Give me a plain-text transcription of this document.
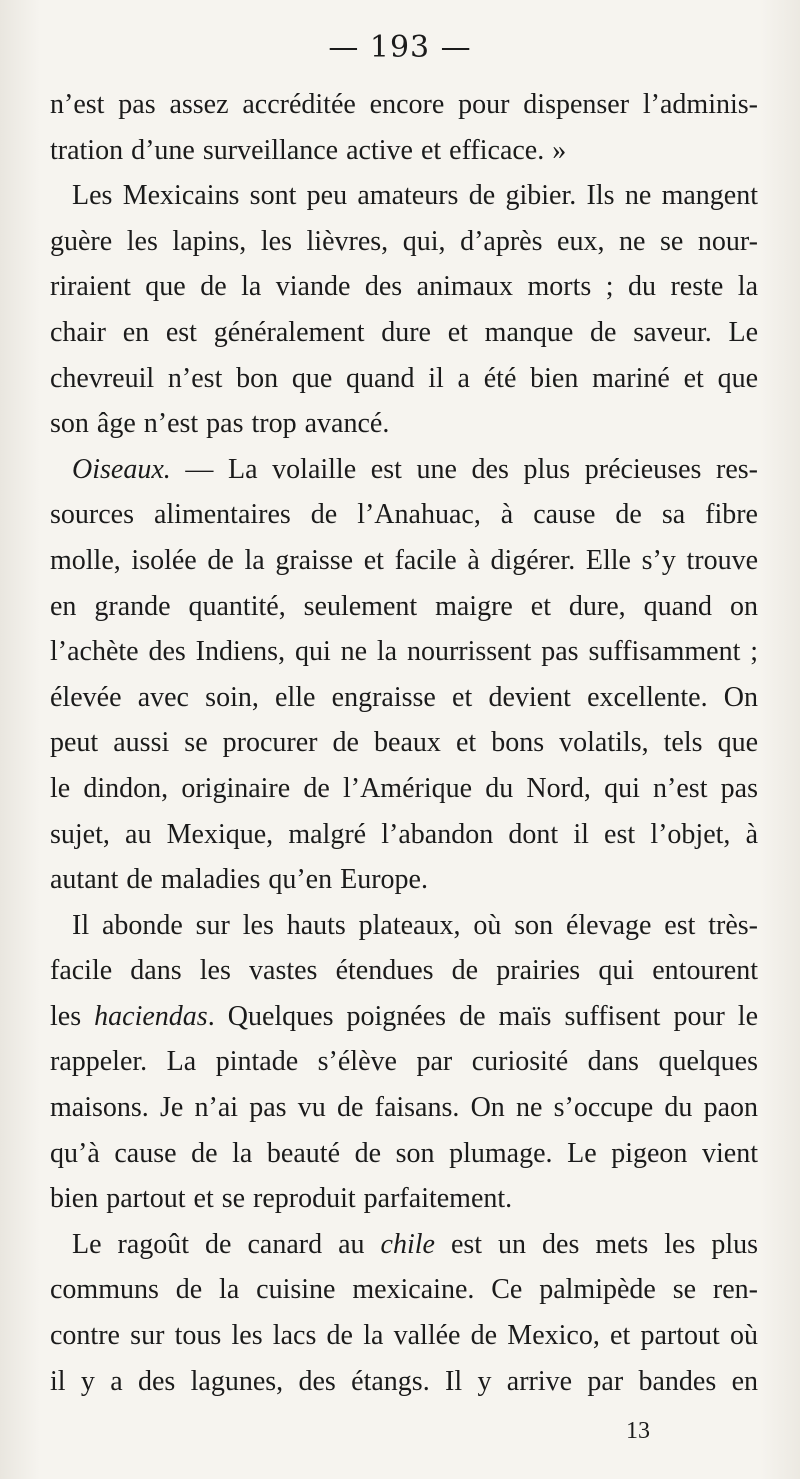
— 193 —
n’est pas assez accréditée encore pour dispenser l’adminis-
tration d’une surveillance active et efficace. »
Les Mexicains sont peu amateurs de gibier. Ils ne mangent
guère les lapins, les lièvres, qui, d’après eux, ne se nour-
riraient que de la viande des animaux morts ; du reste la
chair en est généralement dure et manque de saveur. Le
chevreuil n’est bon que quand il a été bien mariné et que
son âge n’est pas trop avancé.
Oiseaux. — La volaille est une des plus précieuses res-
sources alimentaires de l’Anahuac, à cause de sa fibre
molle, isolée de la graisse et facile à digérer. Elle s’y trouve
en grande quantité, seulement maigre et dure, quand on
l’achète des Indiens, qui ne la nourrissent pas suffisamment ;
élevée avec soin, elle engraisse et devient excellente. On
peut aussi se procurer de beaux et bons volatils, tels que
le dindon, originaire de l’Amérique du Nord, qui n’est pas
sujet, au Mexique, malgré l’abandon dont il est l’objet, à
autant de maladies qu’en Europe.
Il abonde sur les hauts plateaux, où son élevage est très-
facile dans les vastes étendues de prairies qui entourent
les haciendas. Quelques poignées de maïs suffisent pour le
rappeler. La pintade s’élève par curiosité dans quelques
maisons. Je n’ai pas vu de faisans. On ne s’occupe du paon
qu’à cause de la beauté de son plumage. Le pigeon vient
bien partout et se reproduit parfaitement.
Le ragoût de canard au chile est un des mets les plus
communs de la cuisine mexicaine. Ce palmipède se ren-
contre sur tous les lacs de la vallée de Mexico, et partout où
il y a des lagunes, des étangs. Il y arrive par bandes en
13
